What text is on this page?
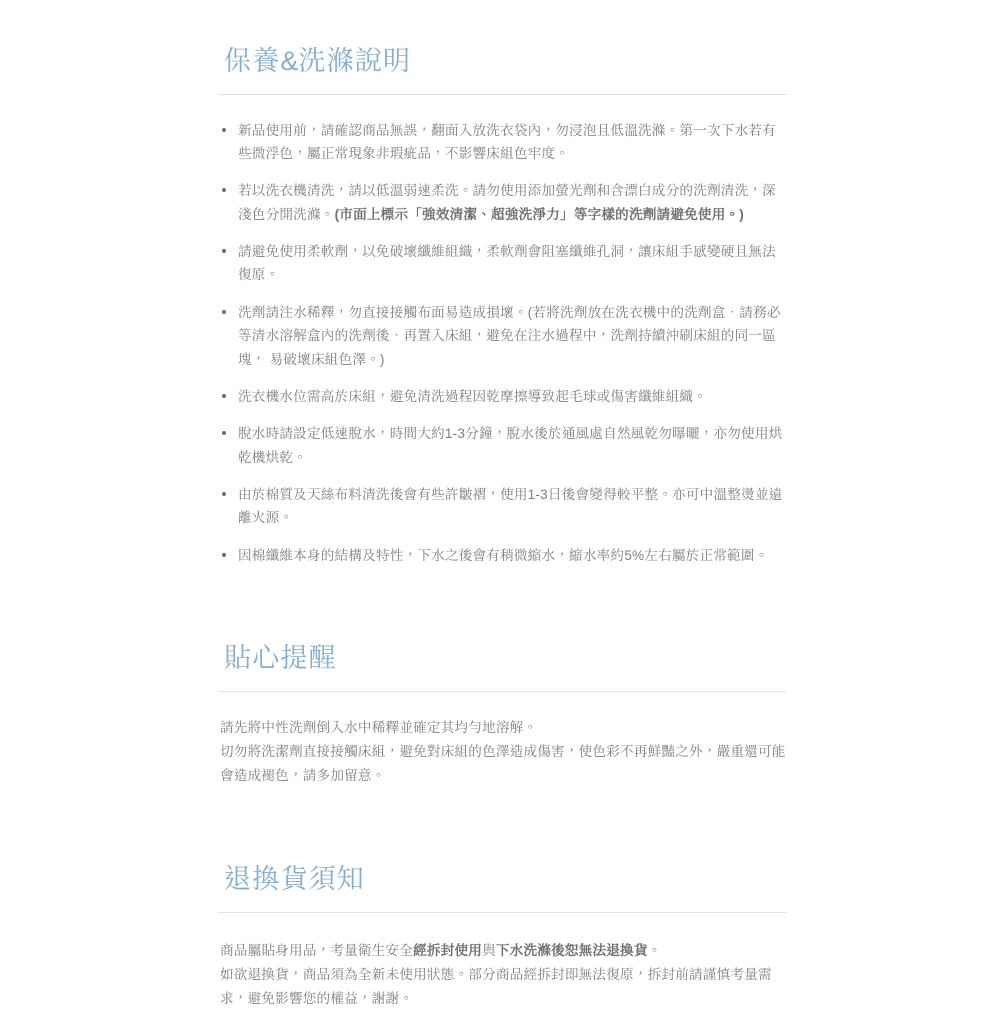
保養&洗滌說明
新品使用前，請確認商品無誤，翻面入放洗衣袋內，勿浸泡且低溫洗滌。第一次下水若有些微浮色，屬正常現象非瑕疵品，不影響床組色牢度。
若以洗衣機清洗，請以低溫弱速柔洗。請勿使用添加螢光劑和含漂白成分的洗劑清洗，深淺色分開洗滌。(市面上標示「強效清潔、超強洗淨力」等字樣的洗劑請避免使用。)
請避免使用柔軟劑，以免破壞纖維組織，柔軟劑會阻塞纖維孔洞，讓床組手感變硬且無法復原。
洗劑請注水稀釋，勿直接接觸布面易造成損壞。(若將洗劑放在洗衣機中的洗劑盒．請務必等清水溶解盒內的洗劑後．再置入床組，避免在注水過程中，洗劑持續沖刷床組的同一區塊， 易破壞床組色澤。)
洗衣機水位需高於床組，避免清洗過程因乾摩擦導致起毛球或傷害纖維組織。
脫水時請設定低速脫水，時間大約1-3分鐘，脫水後於通風處自然風乾勿曝曬，亦勿使用烘乾機烘乾。
由於棉質及天絲布料清洗後會有些許皺褶，使用1-3日後會變得較平整。亦可中溫整燙並遠離火源。
因棉纖維本身的結構及特性，下水之後會有稍微縮水，縮水率約5%左右屬於正常範圍。
貼心提醒
請先將中性洗劑倒入水中稀釋並確定其均勻地溶解。
切勿將洗潔劑直接接觸床組，避免對床組的色澤造成傷害，使色彩不再鮮豔之外，嚴重還可能會造成褪色，請多加留意。
退換貨須知
商品屬貼身用品，考量衛生安全經拆封使用與下水洗滌後恕無法退換貨。
如欲退換貨，商品須為全新未使用狀態。部分商品經拆封即無法復原，拆封前請謹慎考量需求，避免影響您的權益，謝謝。
